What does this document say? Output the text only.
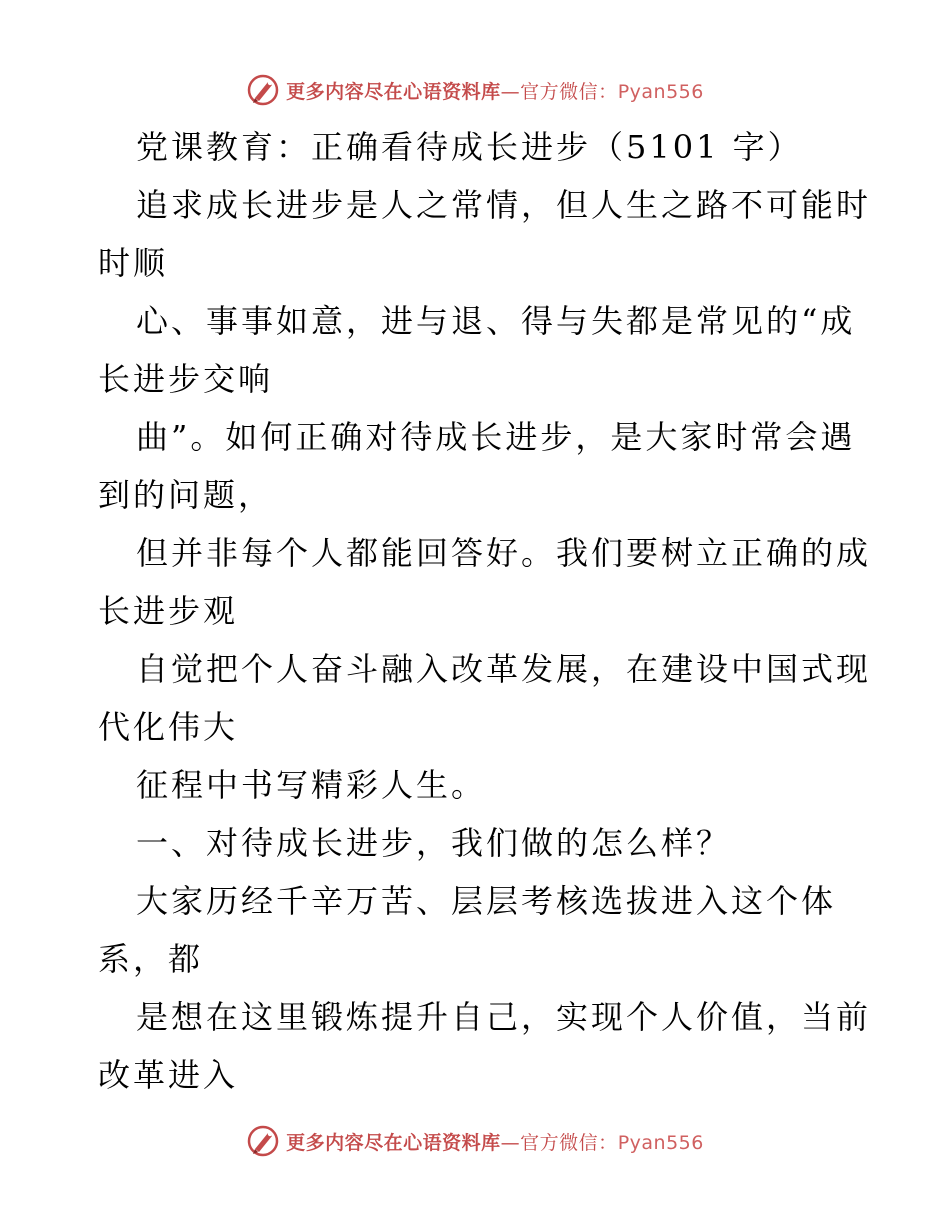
更多内容尽在心语资料库—官方微信：Pyan556
党课教育：正确看待成长进步（5101 字）
追求成长进步是人之常情，但人生之路不可能时
时顺
心、事事如意，进与退、得与失都是常见的“成
长进步交响
曲”。如何正确对待成长进步，是大家时常会遇
到的问题，
但并非每个人都能回答好。我们要树立正确的成
长进步观
自觉把个人奋斗融入改革发展，在建设中国式现
代化伟大
征程中书写精彩人生。
一、对待成长进步，我们做的怎么样？
大家历经千辛万苦、层层考核选拔进入这个体
系，都
是想在这里锻炼提升自己，实现个人价值，当前
改革进入
更多内容尽在心语资料库—官方微信：Pyan556
